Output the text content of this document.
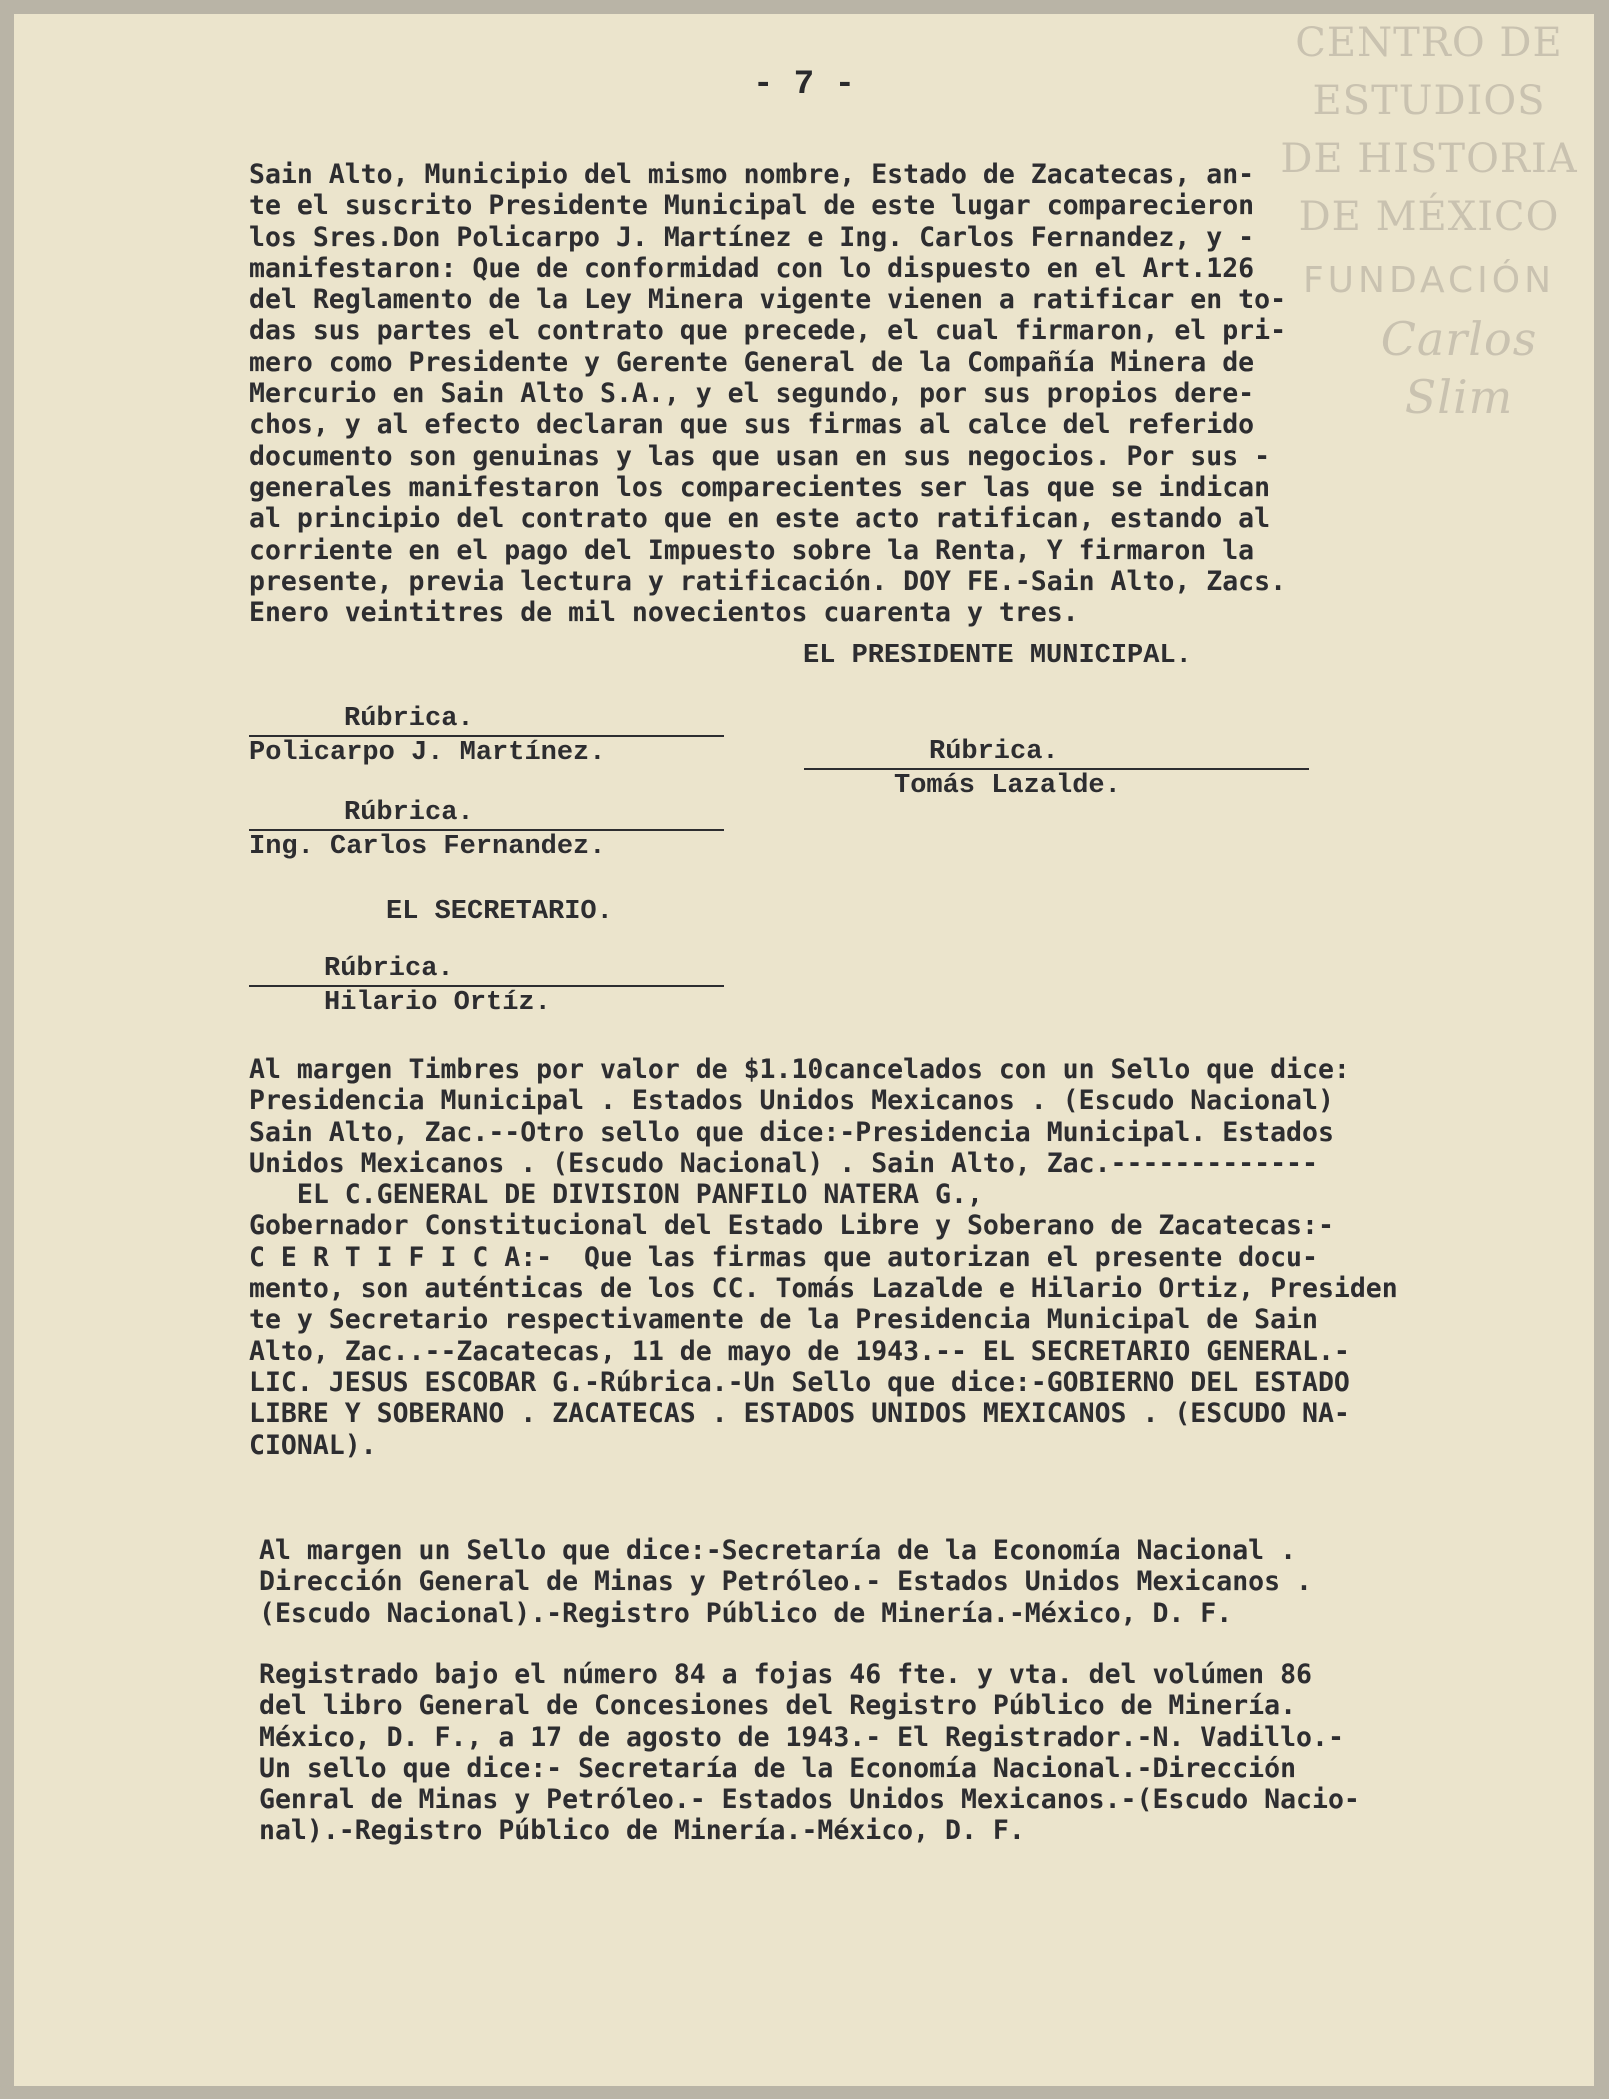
CENTRO DE
ESTUDIOS
DE HISTORIA
DE MÉXICO
FUNDACIÓN
Carlos Slim
- 7 -
Sain Alto, Municipio del mismo nombre, Estado de Zacatecas, an-
te el suscrito Presidente Municipal de este lugar comparecieron
los Sres.Don Policarpo J. Martínez e Ing. Carlos Fernandez, y -
manifestaron: Que de conformidad con lo dispuesto en el Art.126
del Reglamento de la Ley Minera vigente vienen a ratificar en to-
das sus partes el contrato que precede, el cual firmaron, el pri-
mero como Presidente y Gerente General de la Compañía Minera de
Mercurio en Sain Alto S.A., y el segundo, por sus propios dere-
chos, y al efecto declaran que sus firmas al calce del referido
documento son genuinas y las que usan en sus negocios. Por sus -
generales manifestaron los comparecientes ser las que se indican
al principio del contrato que en este acto ratifican, estando al
corriente en el pago del Impuesto sobre la Renta, Y firmaron la
presente, previa lectura y ratificación. DOY FE.-Sain Alto, Zacs.
Enero veintitres de mil novecientos cuarenta y tres.
EL PRESIDENTE MUNICIPAL.
Rúbrica.
Policarpo J. Martínez.	Rúbrica.
Tomás Lazalde.
Rúbrica.
Ing. Carlos Fernandez.
EL SECRETARIO.
Rúbrica.
Hilario Ortíz.
Al margen Timbres por valor de $1.10cancelados con un Sello que dice:
Presidencia Municipal . Estados Unidos Mexicanos . (Escudo Nacional)
Sain Alto, Zac.--Otro sello que dice:-Presidencia Municipal. Estados
Unidos Mexicanos . (Escudo Nacional) . Sain Alto, Zac.-------------
EL C.GENERAL DE DIVISION PANFILO NATERA G.,
Gobernador Constitucional del Estado Libre y Soberano de Zacatecas:-
C E R T I F I C A:-  Que las firmas que autorizan el presente docu-
mento, son auténticas de los CC. Tomás Lazalde e Hilario Ortiz, Presiden
te y Secretario respectivamente de la Presidencia Municipal de Sain
Alto, Zac..--Zacatecas, 11 de mayo de 1943.-- EL SECRETARIO GENERAL.-
LIC. JESUS ESCOBAR G.-Rúbrica.-Un Sello que dice:-GOBIERNO DEL ESTADO
LIBRE Y SOBERANO . ZACATECAS . ESTADOS UNIDOS MEXICANOS . (ESCUDO NA-
CIONAL).
Al margen un Sello que dice:-Secretaría de la Economía Nacional .
Dirección General de Minas y Petróleo.- Estados Unidos Mexicanos .
(Escudo Nacional).-Registro Público de Minería.-México, D. F.
Registrado bajo el número 84 a fojas 46 fte. y vta. del volúmen 86
del libro General de Concesiones del Registro Público de Minería.
México, D. F., a 17 de agosto de 1943.- El Registrador.-N. Vadillo.-
Un sello que dice:- Secretaría de la Economía Nacional.-Dirección
Genral de Minas y Petróleo.- Estados Unidos Mexicanos.-(Escudo Nacio-
nal).-Registro Público de Minería.-México, D. F.
